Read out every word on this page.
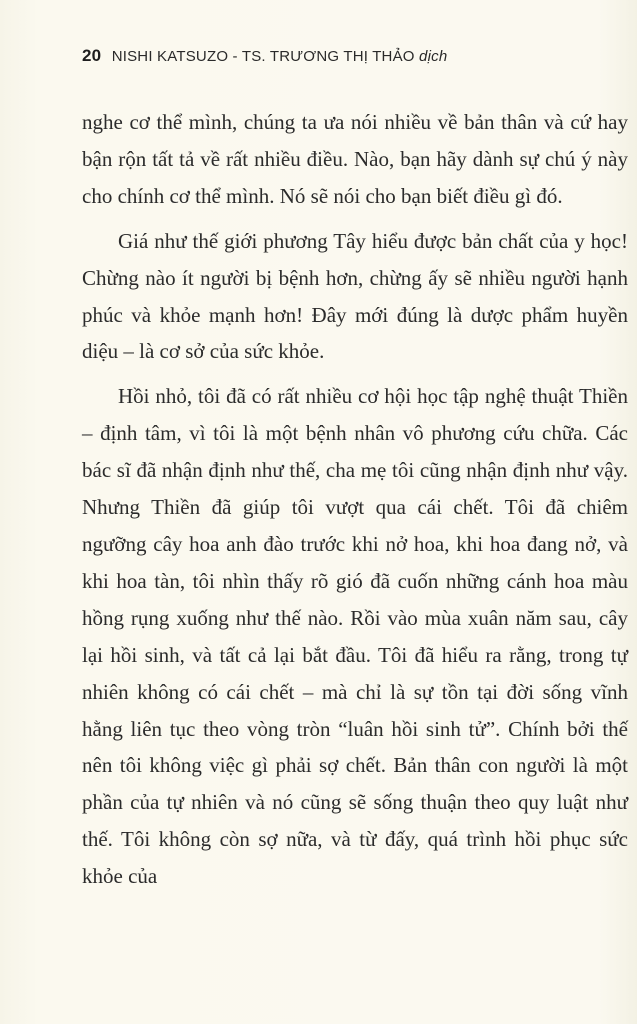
20 NISHI KATSUZO - TS. TRƯƠNG THỊ THẢO dịch

nghe cơ thể mình, chúng ta ưa nói nhiều về bản thân và cứ hay bận rộn tất tả về rất nhiều điều. Nào, bạn hãy dành sự chú ý này cho chính cơ thể mình. Nó sẽ nói cho bạn biết điều gì đó.

Giá như thế giới phương Tây hiểu được bản chất của y học! Chừng nào ít người bị bệnh hơn, chừng ấy sẽ nhiều người hạnh phúc và khỏe mạnh hơn! Đây mới đúng là dược phẩm huyền diệu – là cơ sở của sức khỏe.

Hồi nhỏ, tôi đã có rất nhiều cơ hội học tập nghệ thuật Thiền – định tâm, vì tôi là một bệnh nhân vô phương cứu chữa. Các bác sĩ đã nhận định như thế, cha mẹ tôi cũng nhận định như vậy. Nhưng Thiền đã giúp tôi vượt qua cái chết. Tôi đã chiêm ngưỡng cây hoa anh đào trước khi nở hoa, khi hoa đang nở, và khi hoa tàn, tôi nhìn thấy rõ gió đã cuốn những cánh hoa màu hồng rụng xuống như thế nào. Rồi vào mùa xuân năm sau, cây lại hồi sinh, và tất cả lại bắt đầu. Tôi đã hiểu ra rằng, trong tự nhiên không có cái chết – mà chỉ là sự tồn tại đời sống vĩnh hằng liên tục theo vòng tròn “luân hồi sinh tử”. Chính bởi thế nên tôi không việc gì phải sợ chết. Bản thân con người là một phần của tự nhiên và nó cũng sẽ sống thuận theo quy luật như thế. Tôi không còn sợ nữa, và từ đấy, quá trình hồi phục sức khỏe của
